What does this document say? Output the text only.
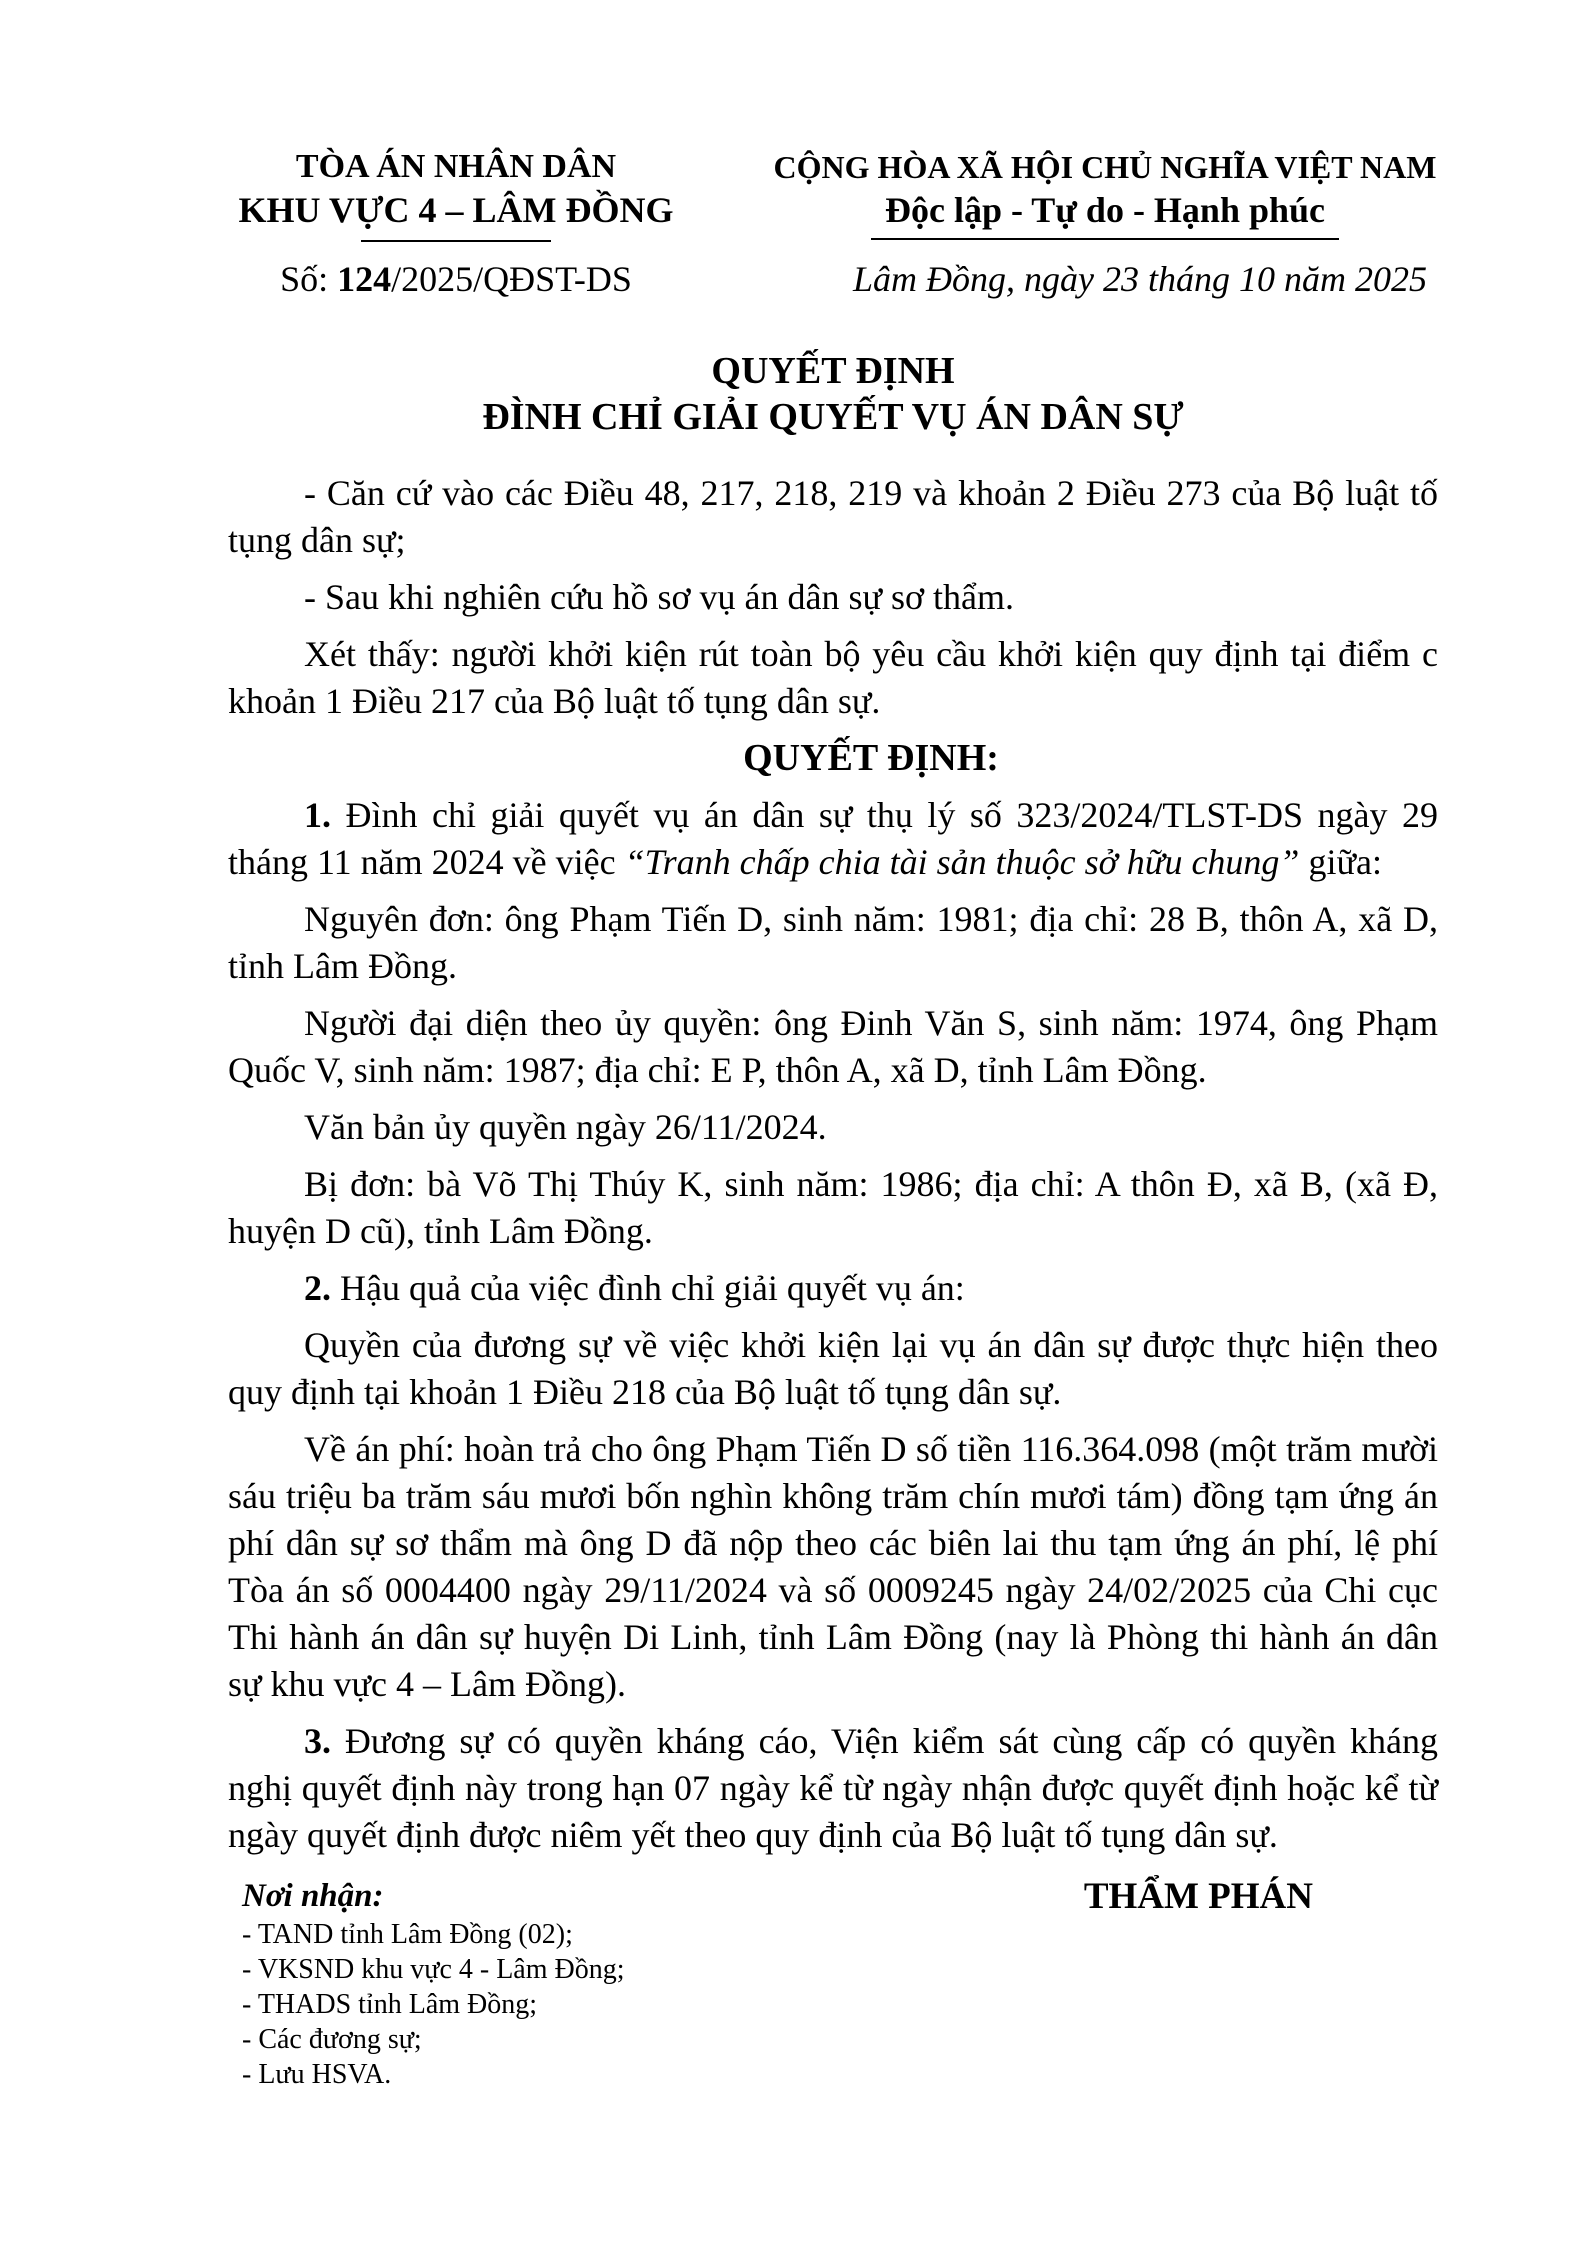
TÒA ÁN NHÂN DÂN
KHU VỰC 4 – LÂM ĐỒNG
CỘNG HÒA XÃ HỘI CHỦ NGHĨA VIỆT NAM
Độc lập - Tự do - Hạnh phúc
Số: 124/2025/QĐST-DS	Lâm Đồng, ngày 23 tháng 10 năm 2025
QUYẾT ĐỊNH
ĐÌNH CHỈ GIẢI QUYẾT VỤ ÁN DÂN SỰ

- Căn cứ vào các Điều 48, 217, 218, 219 và khoản 2 Điều 273 của Bộ luật tố tụng dân sự;

- Sau khi nghiên cứu hồ sơ vụ án dân sự sơ thẩm.

Xét thấy: người khởi kiện rút toàn bộ yêu cầu khởi kiện quy định tại điểm c khoản 1 Điều 217 của Bộ luật tố tụng dân sự.

QUYẾT ĐỊNH:

1. Đình chỉ giải quyết vụ án dân sự thụ lý số 323/2024/TLST-DS ngày 29 tháng 11 năm 2024 về việc “Tranh chấp chia tài sản thuộc sở hữu chung” giữa:

Nguyên đơn: ông Phạm Tiến D, sinh năm: 1981; địa chỉ: 28 B, thôn A, xã D, tỉnh Lâm Đồng.

Người đại diện theo ủy quyền: ông Đinh Văn S, sinh năm: 1974, ông Phạm Quốc V, sinh năm: 1987; địa chỉ: E P, thôn A, xã D, tỉnh Lâm Đồng.

Văn bản ủy quyền ngày 26/11/2024.

Bị đơn: bà Võ Thị Thúy K, sinh năm: 1986; địa chỉ: A thôn Đ, xã B, (xã Đ, huyện D cũ), tỉnh Lâm Đồng.

2. Hậu quả của việc đình chỉ giải quyết vụ án:

Quyền của đương sự về việc khởi kiện lại vụ án dân sự được thực hiện theo quy định tại khoản 1 Điều 218 của Bộ luật tố tụng dân sự.

Về án phí: hoàn trả cho ông Phạm Tiến D số tiền 116.364.098 (một trăm mười sáu triệu ba trăm sáu mươi bốn nghìn không trăm chín mươi tám) đồng tạm ứng án phí dân sự sơ thẩm mà ông D đã nộp theo các biên lai thu tạm ứng án phí, lệ phí Tòa án số 0004400 ngày 29/11/2024 và số 0009245 ngày 24/02/2025 của Chi cục Thi hành án dân sự huyện Di Linh, tỉnh Lâm Đồng (nay là Phòng thi hành án dân sự khu vực 4 – Lâm Đồng).

3. Đương sự có quyền kháng cáo, Viện kiểm sát cùng cấp có quyền kháng nghị quyết định này trong hạn 07 ngày kể từ ngày nhận được quyết định hoặc kể từ ngày quyết định được niêm yết theo quy định của Bộ luật tố tụng dân sự.

Nơi nhận:
- TAND tỉnh Lâm Đồng (02);
- VKSND khu vực 4 - Lâm Đồng;
- THADS tỉnh Lâm Đồng;
- Các đương sự;
- Lưu HSVA.
THẨM PHÁN
